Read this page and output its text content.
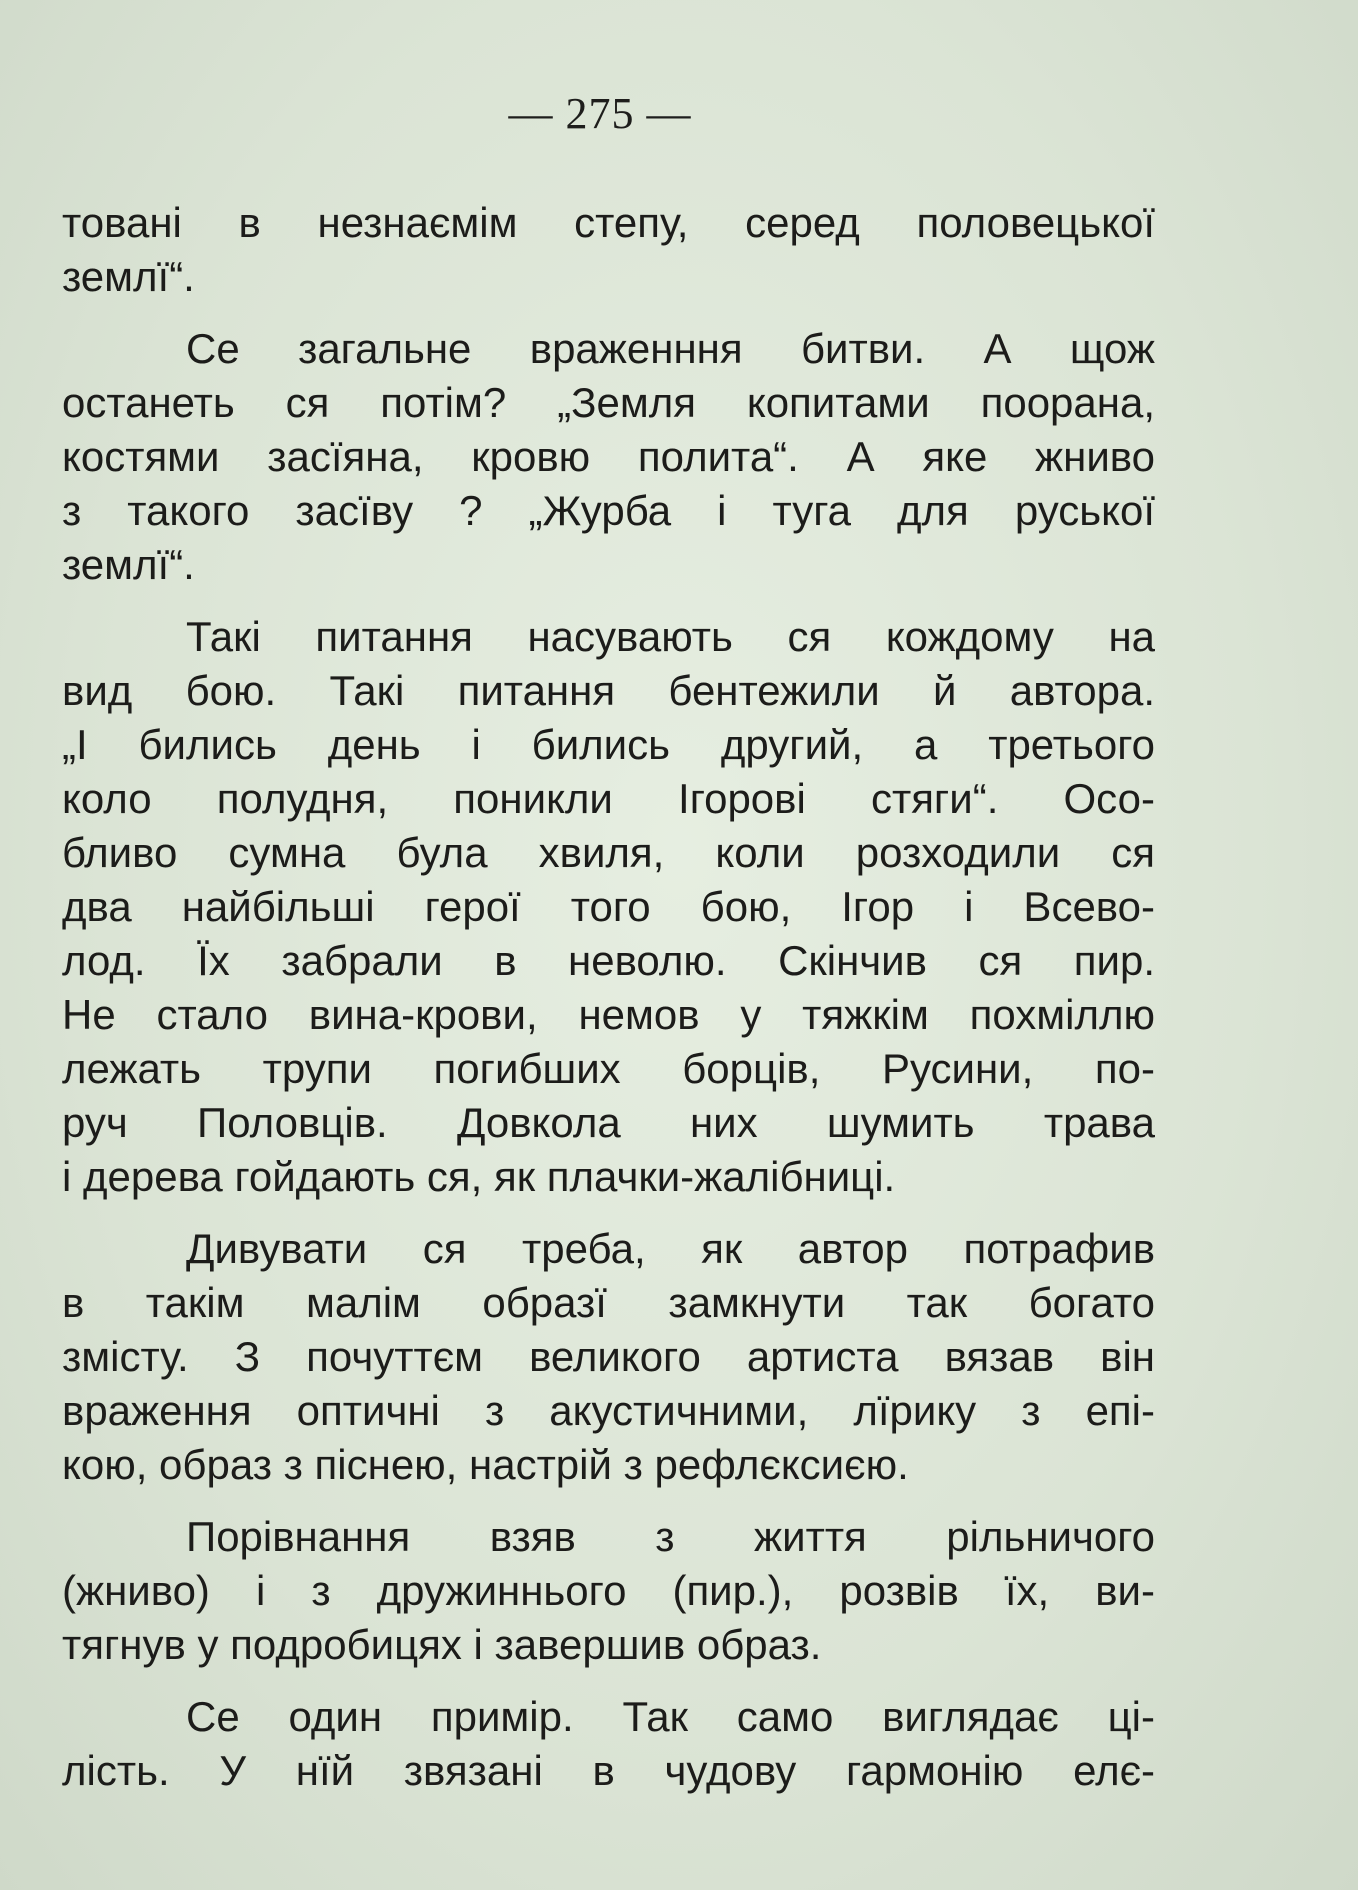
— 275 —
товані в незнаємім степу, серед половецької
землї“.
Се загальне враженння битви. А щож
останеть ся потім? „Земля копитами поорана,
костями засїяна, кровю полита“. А яке жниво
з такого засїву ? „Журба і туга для руської
землї“.
Такі питання насувають ся кождому на
вид бою. Такі питання бентежили й автора.
„І бились день і бились другий, а третього
коло полудня, поникли Ігорові стяги“. Осо-
бливо сумна була хвиля, коли розходили ся
два найбільші герої того бою, Ігор і Всево-
лод. Їх забрали в неволю. Скінчив ся пир.
Не стало вина-крови, немов у тяжкім похміллю
лежать трупи погибших борців, Русини, по-
руч Половців. Довкола них шумить трава
і дерева гойдають ся, як плачки-жалібниці.
Дивувати ся треба, як автор потрафив
в такім малім образї замкнути так богато
змісту. З почуттєм великого артиста вязав він
враження оптичні з акустичними, лїрику з епі-
кою, образ з піснею, настрій з рефлєксиєю.
Порівнання взяв з життя рільничого
(жниво) і з дружиннього (пир.), розвів їх, ви-
тягнув у подробицях і завершив образ.
Се один примір. Так само виглядає ці-
лість. У нїй звязані в чудову гармонію елє-
